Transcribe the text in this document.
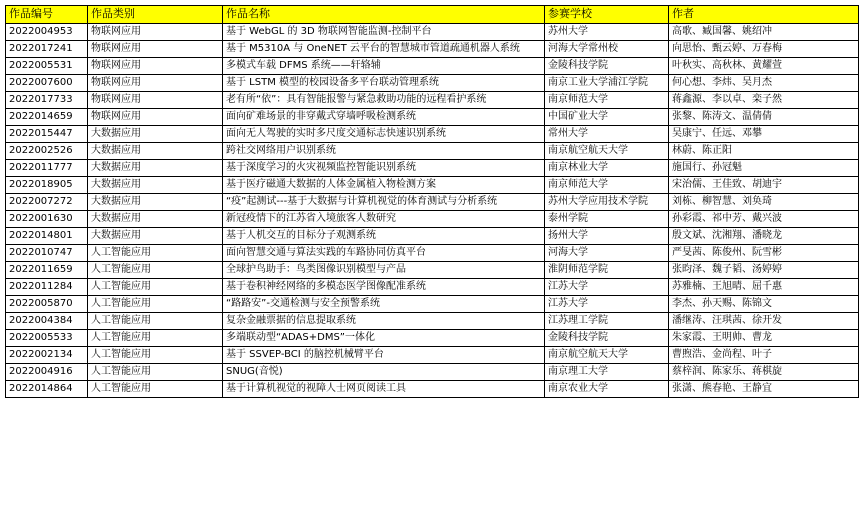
作品编号	作品类别	作品名称	参赛学校	作者
2022004953	物联网应用	基于 WebGL 的 3D 物联网智能监测-控制平台	苏州大学	高歌、臧国馨、姚绍冲
2022017241	物联网应用	基于 M5310A 与 OneNET 云平台的智慧城市管道疏通机器人系统	河海大学常州校	向思怡、甄云婷、万春梅
2022005531	物联网应用	多模式车载 DFMS 系统——轩辂辅	金陵科技学院	叶秋实、高秋林、黄耀萱
2022007600	物联网应用	基于 LSTM 模型的校园设备多平台联动管理系统	南京工业大学浦江学院	何心想、李炜、吴月杰
2022017733	物联网应用	老有所“依”：具有智能报警与紧急救助功能的远程看护系统	南京师范大学	蒋鑫源、李以卓、栾子然
2022014659	物联网应用	面向矿难场景的非穿戴式穿墙呼吸检测系统	中国矿业大学	张黎、陈涛文、温倩倩
2022015447	大数据应用	面向无人驾驶的实时多尺度交通标志快速识别系统	常州大学	吴康宁、任远、邓攀
2022002526	大数据应用	跨社交网络用户识别系统	南京航空航天大学	林蔚、陈正阳
2022011777	大数据应用	基于深度学习的火灾视频监控智能识别系统	南京林业大学	施国行、孙冠魁
2022018905	大数据应用	基于医疗磁通大数据的人体金属植入物检测方案	南京师范大学	宋治儒、王佳致、胡迪宇
2022007272	大数据应用	“疫”起测试---基于大数据与计算机视觉的体育测试与分析系统	苏州大学应用技术学院	刘栋、柳智慧、刘奂琦
2022001630	大数据应用	新冠疫情下的江苏省入境旅客人数研究	泰州学院	孙彩霞、祁中芳、戴兴波
2022014801	大数据应用	基于人机交互的目标分子观测系统	扬州大学	殷文斌、沈湘翔、潘晓龙
2022010747	人工智能应用	面向智慧交通与算法实践的车路协同仿真平台	河海大学	严旻茜、陈俊州、阮雪彬
2022011659	人工智能应用	全球护鸟助手：鸟类图像识别模型与产品	淮阴师范学院	张昀泽、魏子韬、汤婷婷
2022011284	人工智能应用	基于卷积神经网络的多模态医学图像配准系统	江苏大学	苏雅楠、王旭晴、屈千惠
2022005870	人工智能应用	“路路安”-交通检测与安全预警系统	江苏大学	李杰、孙天赐、陈锦文
2022004384	人工智能应用	复杂金融票据的信息提取系统	江苏理工学院	潘继涛、汪琪茜、徐开发
2022005533	人工智能应用	多端联动型“ADAS+DMS”一体化	金陵科技学院	朱家霞、王明帅、曹龙
2022002134	人工智能应用	基于 SSVEP-BCI 的脑控机械臂平台	南京航空航天大学	曹煦浩、金尚程、叶子
2022004916	人工智能应用	SNUG(音悦)	南京理工大学	蔡梓润、陈家乐、蒋棋旋
2022014864	人工智能应用	基于计算机视觉的视障人士网页阅读工具	南京农业大学	张潇、熊春艳、王静宜
